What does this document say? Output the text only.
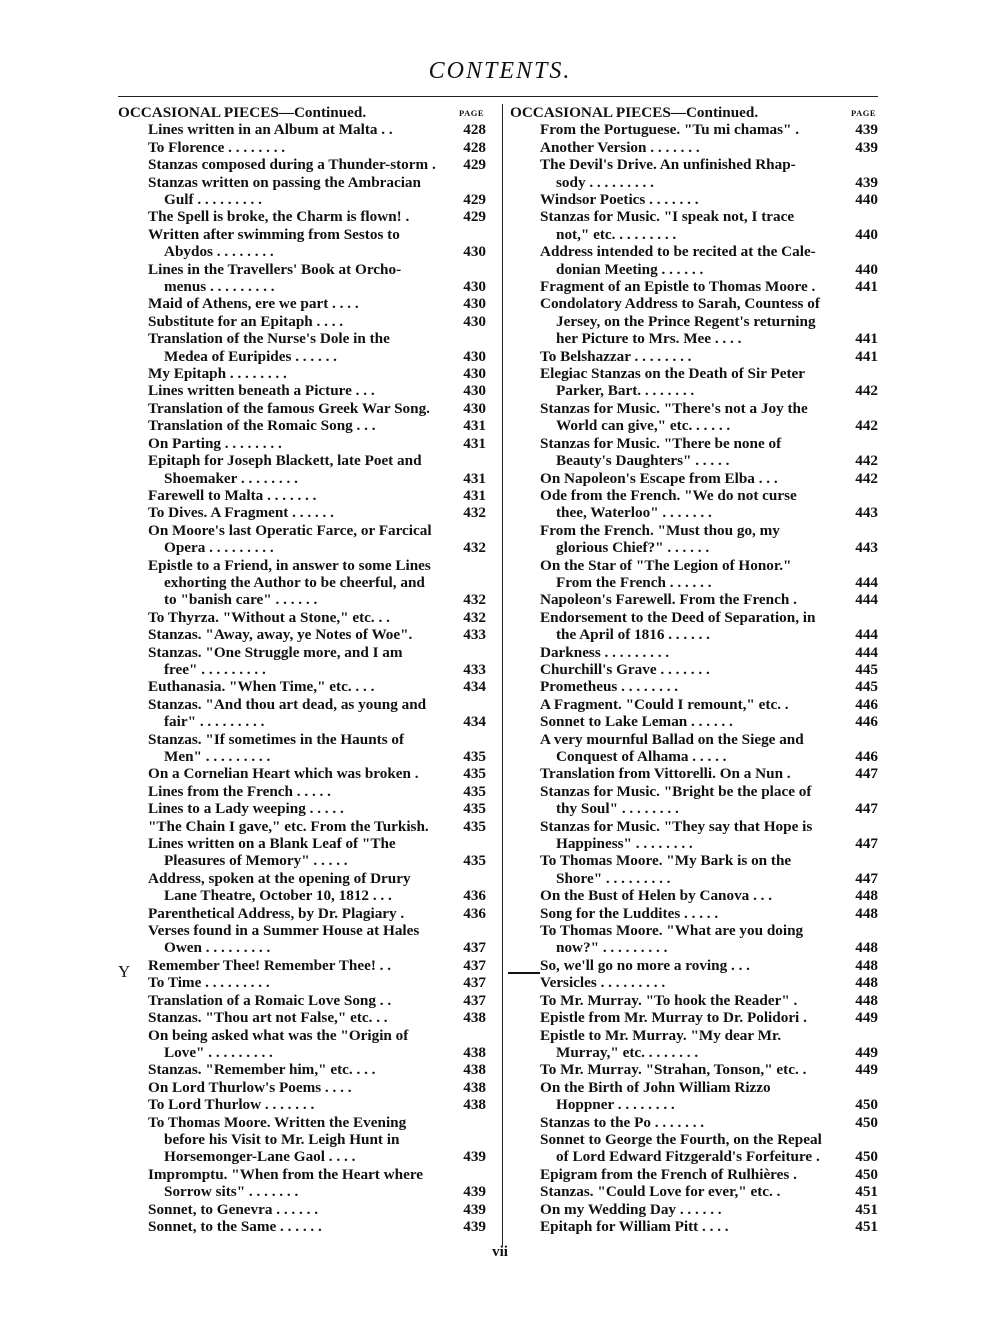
CONTENTS.
OCCASIONAL PIECES—Continued.	PAGE
Lines written in an Album at Malta . .	428
To Florence . . . . . . . .	428
Stanzas composed during a Thunder-storm .	429
Stanzas written on passing the Ambracian
Gulf . . . . . . . . .	429
The Spell is broke, the Charm is flown! .	429
Written after swimming from Sestos to
Abydos . . . . . . . .	430
Lines in the Travellers' Book at Orcho-
menus . . . . . . . . .	430
Maid of Athens, ere we part . . . .	430
Substitute for an Epitaph . . . .	430
Translation of the Nurse's Dole in the
Medea of Euripides . . . . . .	430
My Epitaph . . . . . . . .	430
Lines written beneath a Picture . . .	430
Translation of the famous Greek War Song.	430
Translation of the Romaic Song . . .	431
On Parting . . . . . . . .	431
Epitaph for Joseph Blackett, late Poet and
Shoemaker . . . . . . . .	431
Farewell to Malta . . . . . . .	431
To Dives. A Fragment . . . . . .	432
On Moore's last Operatic Farce, or Farcical
Opera . . . . . . . . .	432
Epistle to a Friend, in answer to some Lines
exhorting the Author to be cheerful, and
to "banish care" . . . . . .	432
To Thyrza. "Without a Stone," etc. . .	432
Stanzas. "Away, away, ye Notes of Woe".	433
Stanzas. "One Struggle more, and I am
free" . . . . . . . . .	433
Euthanasia. "When Time," etc. . . .	434
Stanzas. "And thou art dead, as young and
fair" . . . . . . . . .	434
Stanzas. "If sometimes in the Haunts of
Men" . . . . . . . . .	435
On a Cornelian Heart which was broken .	435
Lines from the French . . . . .	435
Lines to a Lady weeping . . . . .	435
"The Chain I gave," etc. From the Turkish.	435
Lines written on a Blank Leaf of "The
Pleasures of Memory" . . . . .	435
Address, spoken at the opening of Drury
Lane Theatre, October 10, 1812 . . .	436
Parenthetical Address, by Dr. Plagiary .	436
Verses found in a Summer House at Hales
Owen . . . . . . . . .	437
Remember Thee! Remember Thee! . .	437
To Time . . . . . . . . .	437
Translation of a Romaic Love Song . .	437
Stanzas. "Thou art not False," etc. . .	438
On being asked what was the "Origin of
Love" . . . . . . . . .	438
Stanzas. "Remember him," etc. . . .	438
On Lord Thurlow's Poems . . . .	438
To Lord Thurlow . . . . . . .	438
To Thomas Moore. Written the Evening
before his Visit to Mr. Leigh Hunt in
Horsemonger-Lane Gaol . . . .	439
Impromptu. "When from the Heart where
Sorrow sits" . . . . . . .	439
Sonnet, to Genevra . . . . . .	439
Sonnet, to the Same . . . . . .	439
OCCASIONAL PIECES—Continued.	PAGE
From the Portuguese. "Tu mi chamas" .	439
Another Version . . . . . . .	439
The Devil's Drive. An unfinished Rhap-
sody . . . . . . . . .	439
Windsor Poetics . . . . . . .	440
Stanzas for Music. "I speak not, I trace
not," etc. . . . . . . . .	440
Address intended to be recited at the Cale-
donian Meeting . . . . . .	440
Fragment of an Epistle to Thomas Moore .	441
Condolatory Address to Sarah, Countess of
Jersey, on the Prince Regent's returning
her Picture to Mrs. Mee . . . .	441
To Belshazzar . . . . . . . .	441
Elegiac Stanzas on the Death of Sir Peter
Parker, Bart. . . . . . . .	442
Stanzas for Music. "There's not a Joy the
World can give," etc. . . . . .	442
Stanzas for Music. "There be none of
Beauty's Daughters" . . . . .	442
On Napoleon's Escape from Elba . . .	442
Ode from the French. "We do not curse
thee, Waterloo" . . . . . . .	443
From the French. "Must thou go, my
glorious Chief?" . . . . . .	443
On the Star of "The Legion of Honor."
From the French . . . . . .	444
Napoleon's Farewell. From the French .	444
Endorsement to the Deed of Separation, in
the April of 1816 . . . . . .	444
Darkness . . . . . . . . .	444
Churchill's Grave . . . . . . .	445
Prometheus . . . . . . . .	445
A Fragment. "Could I remount," etc. .	446
Sonnet to Lake Leman . . . . . .	446
A very mournful Ballad on the Siege and
Conquest of Alhama . . . . .	446
Translation from Vittorelli. On a Nun .	447
Stanzas for Music. "Bright be the place of
thy Soul" . . . . . . . .	447
Stanzas for Music. "They say that Hope is
Happiness" . . . . . . . .	447
To Thomas Moore. "My Bark is on the
Shore" . . . . . . . . .	447
On the Bust of Helen by Canova . . .	448
Song for the Luddites . . . . .	448
To Thomas Moore. "What are you doing
now?" . . . . . . . . .	448
So, we'll go no more a roving . . .	448
Versicles . . . . . . . . .	448
To Mr. Murray. "To hook the Reader" .	448
Epistle from Mr. Murray to Dr. Polidori .	449
Epistle to Mr. Murray. "My dear Mr.
Murray," etc. . . . . . . .	449
To Mr. Murray. "Strahan, Tonson," etc. .	449
On the Birth of John William Rizzo
Hoppner . . . . . . . .	450
Stanzas to the Po . . . . . . .	450
Sonnet to George the Fourth, on the Repeal
of Lord Edward Fitzgerald's Forfeiture .	450
Epigram from the French of Rulhières .	450
Stanzas. "Could Love for ever," etc. .	451
On my Wedding Day . . . . . .	451
Epitaph for William Pitt . . . .	451
Y
vii
